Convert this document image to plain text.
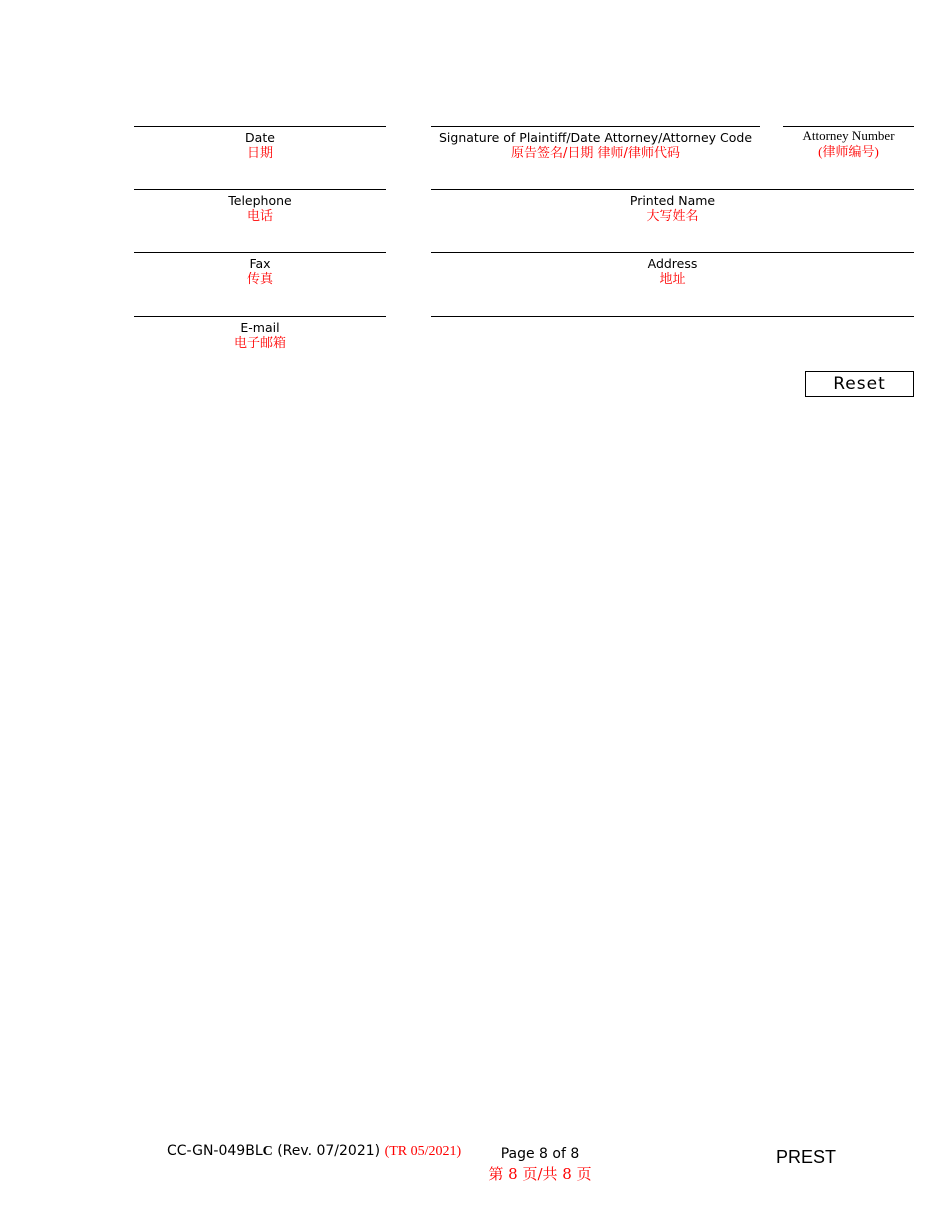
Date
日期
Telephone
电话
Fax
传真
E-mail
电子邮箱
Signature of Plaintiff/Date Attorney/Attorney Code
原告签名/日期 律师/律师代码
Attorney Number
(律师编号)
Printed Name
大写姓名
Address
地址
Reset
CC-GN-049BLC (Rev. 07/2021) (TR 05/2021)	Page 8 of 8
第 8 页/共 8 页
PREST
